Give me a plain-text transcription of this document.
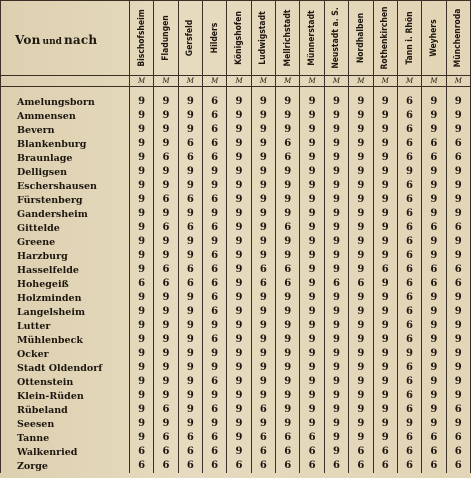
Von und nach	Bischofsheim	Fladungen	Gersfeld	Hilders	Königshofen	Ludwigstadt	Mellrichstadt	Münnerstadt	Neustadt a. S.	Nordhalben	Rothenkirchen	Tann i. Rhön	Weyhers	Münchenroda

	M	M	M	M	M	M	M	M	M	M	M	M	M	M

Amelungsborn	9	9	9	6	9	9	9	9	9	9	9	6	9	9
Ammensen	9	9	9	6	9	9	9	9	9	9	9	6	9	9
Bevern	9	9	9	6	9	9	9	9	9	9	9	6	9	9
Blankenburg	9	9	6	6	9	9	6	9	9	9	9	6	6	6
Braunlage	9	6	6	6	9	9	6	9	9	9	9	6	6	6
Delligsen	9	9	9	9	9	9	9	9	9	9	9	9	9	9
Eschershausen	9	9	9	9	9	9	9	9	9	9	9	6	9	9
Fürstenberg	9	6	6	6	9	9	9	9	9	9	9	6	9	9
Gandersheim	9	9	9	9	9	9	9	9	9	9	9	6	9	9
Gittelde	9	6	6	6	9	9	6	9	9	9	9	6	6	6
Greene	9	9	9	9	9	9	9	9	9	9	9	6	9	9
Harzburg	9	9	9	6	9	9	9	9	9	9	9	6	9	9
Hasselfelde	9	6	6	6	9	6	6	9	9	9	6	6	6	6
Hohegeiß	6	6	6	6	9	6	6	9	6	6	9	6	6	6
Holzminden	9	9	9	6	9	9	9	9	9	9	9	6	9	9
Langelsheim	9	9	9	6	9	9	9	9	9	9	9	6	9	9
Lutter	9	9	9	9	9	9	9	9	9	9	9	6	9	9
Mühlenbeck	9	9	9	6	9	9	9	9	9	9	9	6	9	9
Ocker	9	9	9	9	9	9	9	9	9	9	9	9	9	9
Stadt Oldendorf	9	9	9	9	9	9	9	9	9	9	9	6	9	9
Ottenstein	9	9	9	6	9	9	9	9	9	9	9	6	9	9
Klein-Rüden	9	9	9	9	9	9	9	9	9	9	9	6	9	9
Rübeland	9	6	9	6	9	6	9	9	9	9	9	6	9	6
Seesen	9	9	9	9	9	9	9	9	9	9	9	9	9	9
Tanne	9	6	6	6	9	6	6	6	9	9	9	6	6	6
Walkenried	6	6	6	6	9	6	6	6	9	6	6	6	6	6
Zorge	6	6	6	6	6	6	6	6	6	6	6	6	6	6
